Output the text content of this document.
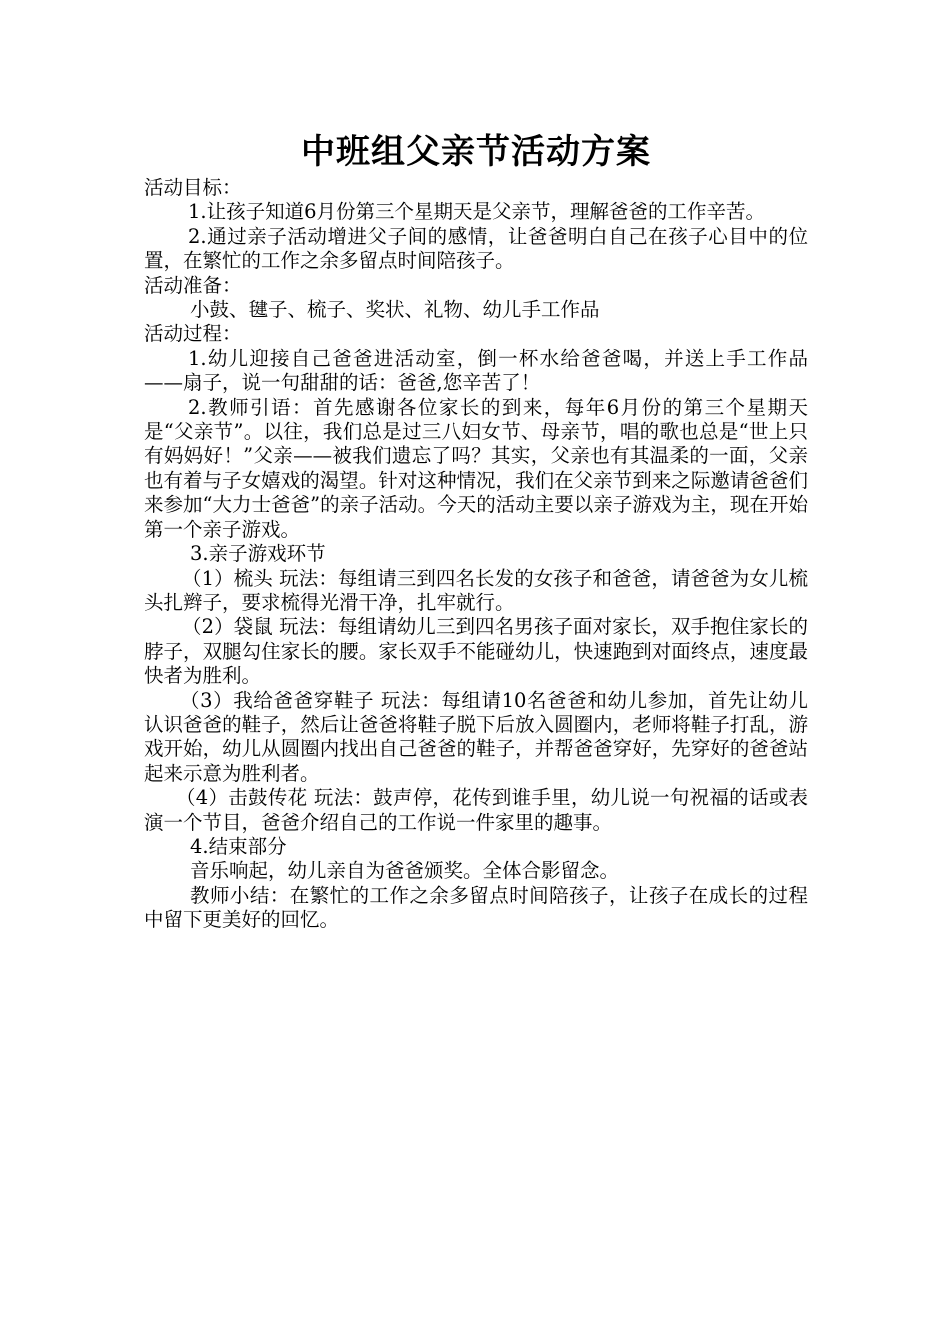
中班组父亲节活动方案

活动目标：

1.让孩子知道6月份第三个星期天是父亲节，理解爸爸的工作辛苦。

2.通过亲子活动增进父子间的感情，让爸爸明白自己在孩子心目中的位置，在繁忙的工作之余多留点时间陪孩子。

活动准备：

小鼓、毽子、梳子、奖状、礼物、幼儿手工作品

活动过程：

1.幼儿迎接自己爸爸进活动室，倒一杯水给爸爸喝，并送上手工作品——扇子，说一句甜甜的话：爸爸,您辛苦了！

2.教师引语：首先感谢各位家长的到来，每年6月份的第三个星期天是“父亲节”。以往，我们总是过三八妇女节、母亲节，唱的歌也总是“世上只有妈妈好！”父亲——被我们遗忘了吗？其实，父亲也有其温柔的一面，父亲也有着与子女嬉戏的渴望。针对这种情况，我们在父亲节到来之际邀请爸爸们来参加“大力士爸爸”的亲子活动。今天的活动主要以亲子游戏为主，现在开始第一个亲子游戏。

3.亲子游戏环节

（1）梳头 玩法：每组请三到四名长发的女孩子和爸爸，请爸爸为女儿梳头扎辫子，要求梳得光滑干净，扎牢就行。

（2）袋鼠 玩法：每组请幼儿三到四名男孩子面对家长，双手抱住家长的脖子，双腿勾住家长的腰。家长双手不能碰幼儿，快速跑到对面终点，速度最快者为胜利。

（3）我给爸爸穿鞋子 玩法：每组请10名爸爸和幼儿参加，首先让幼儿认识爸爸的鞋子，然后让爸爸将鞋子脱下后放入圆圈内，老师将鞋子打乱，游戏开始，幼儿从圆圈内找出自己爸爸的鞋子，并帮爸爸穿好，先穿好的爸爸站起来示意为胜利者。

（4）击鼓传花 玩法：鼓声停，花传到谁手里，幼儿说一句祝福的话或表演一个节目，爸爸介绍自己的工作说一件家里的趣事。

4.结束部分

音乐响起，幼儿亲自为爸爸颁奖。全体合影留念。

教师小结：在繁忙的工作之余多留点时间陪孩子，让孩子在成长的过程中留下更美好的回忆。
